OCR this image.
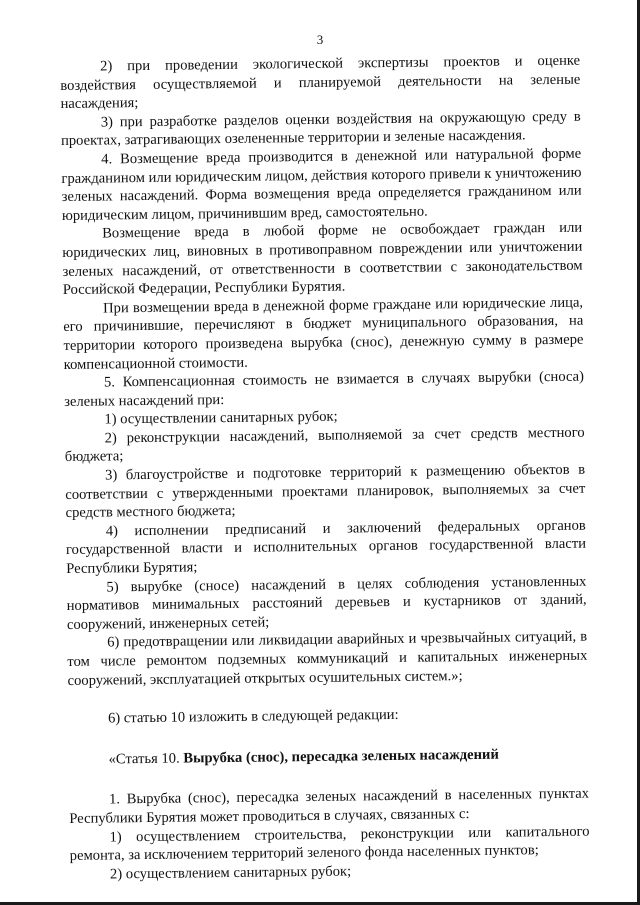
3

2) при проведении экологической экспертизы проектов и оценке воздействия осуществляемой и планируемой деятельности на зеленые насаждения;

3) при разработке разделов оценки воздействия на окружающую среду в проектах, затрагивающих озелененные территории и зеленые насаждения.

4. Возмещение вреда производится в денежной или натуральной форме гражданином или юридическим лицом, действия которого привели к уничтожению зеленых насаждений. Форма возмещения вреда определяется гражданином или юридическим лицом, причинившим вред, самостоятельно.

Возмещение вреда в любой форме не освобождает граждан или юридических лиц, виновных в противоправном повреждении или уничтожении зеленых насаждений, от ответственности в соответствии с законодательством Российской Федерации, Республики Бурятия.

При возмещении вреда в денежной форме граждане или юридические лица, его причинившие, перечисляют в бюджет муниципального образования, на территории которого произведена вырубка (снос), денежную сумму в размере компенсационной стоимости.

5. Компенсационная стоимость не взимается в случаях вырубки (сноса) зеленых насаждений при:

1) осуществлении санитарных рубок;

2) реконструкции насаждений, выполняемой за счет средств местного бюджета;

3) благоустройстве и подготовке территорий к размещению объектов в соответствии с утвержденными проектами планировок, выполняемых за счет средств местного бюджета;

4) исполнении предписаний и заключений федеральных органов государственной власти и исполнительных органов государственной власти Республики Бурятия;

5) вырубке (сносе) насаждений в целях соблюдения установленных нормативов минимальных расстояний деревьев и кустарников от зданий, сооружений, инженерных сетей;

6) предотвращении или ликвидации аварийных и чрезвычайных ситуаций, в том числе ремонтом подземных коммуникаций и капитальных инженерных сооружений, эксплуатацией открытых осушительных систем.»;

6) статью 10 изложить в следующей редакции:

«Статья 10. Вырубка (снос), пересадка зеленых насаждений

1. Вырубка (снос), пересадка зеленых насаждений в населенных пунктах Республики Бурятия может проводиться в случаях, связанных с:

1) осуществлением строительства, реконструкции или капитального ремонта, за исключением территорий зеленого фонда населенных пунктов;

2) осуществлением санитарных рубок;
